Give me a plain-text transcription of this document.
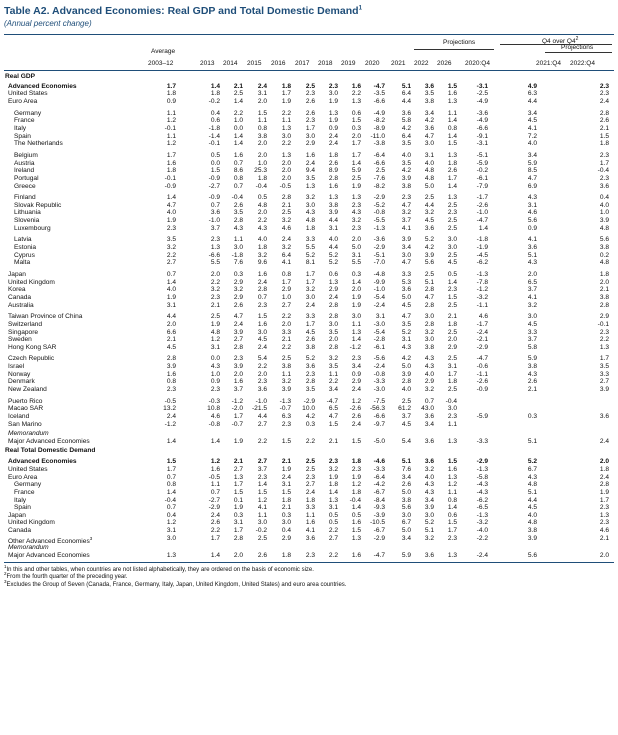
Table A2. Advanced Economies: Real GDP and Total Domestic Demand$^1$
(Annual percent change)
Average
Projections	Q4 over $Q4^2$
Projections
2003–12	2013 2014 2015 2016 2017 2018 2019 2020 2021 2022 2026 2020:Q4	2021:Q4 2022:Q4
Real GDP
Advanced Economies	1.7	1.4	2.1	2.4	1.8	2.5	2.3	1.6	-4.7	5.1	3.6	1.5	-3.1	4.9	2.3
United States	1.8	1.8	2.5	3.1	1.7	2.3	3.0	2.2	-3.5	6.4	3.5	1.6	-2.5	6.3	2.3
Euro Area	0.9	-0.2	1.4	2.0	1.9	2.6	1.9	1.3	-6.6	4.4	3.8	1.3	-4.9	4.4	2.4
Germany	1.1	0.4	2.2	1.5	2.2	2.6	1.3	0.6	-4.9	3.6	3.4	1.1	-3.6	3.4	2.8
France	1.2	0.6	1.0	1.1	1.1	2.3	1.9	1.5	-8.2	5.8	4.2	1.4	-4.9	4.5	2.6
Italy	-0.1	-1.8	0.0	0.8	1.3	1.7	0.9	0.3	-8.9	4.2	3.6	0.8	-6.6	4.1	2.1
Spain	1.1	-1.4	1.4	3.8	3.0	3.0	2.4	2.0	-11.0	6.4	4.7	1.4	-9.1	7.2	1.5
The Netherlands	1.2	-0.1	1.4	2.0	2.2	2.9	2.4	1.7	-3.8	3.5	3.0	1.5	-3.1	4.0	1.8
Belgium	1.7	0.5	1.6	2.0	1.3	1.6	1.8	1.7	-6.4	4.0	3.1	1.3	-5.1	3.4	2.3
Austria	1.6	0.0	0.7	1.0	2.0	2.4	2.6	1.4	-6.6	3.5	4.0	1.8	-5.9	5.9	1.7
Ireland	1.8	1.5	8.6	25.3	2.0	9.4	8.9	5.9	2.5	4.2	4.8	2.6	-0.2	8.5	-0.4
Portugal	-0.1	-0.9	0.8	1.8	2.0	3.5	2.8	2.5	-7.6	3.9	4.8	1.7	-6.1	4.7	2.3
Greece	-0.9	-2.7	0.7	-0.4	-0.5	1.3	1.6	1.9	-8.2	3.8	5.0	1.4	-7.9	6.9	3.6
Finland	1.4	-0.9	-0.4	0.5	2.8	3.2	1.3	1.3	-2.9	2.3	2.5	1.3	-1.7	4.3	0.4
Slovak Republic	4.7	0.7	2.6	4.8	2.1	3.0	3.8	2.3	-5.2	4.7	4.4	2.5	-2.6	3.1	4.0
Lithuania	4.0	3.6	3.5	2.0	2.5	4.3	3.9	4.3	-0.8	3.2	3.2	2.3	-1.0	4.6	1.0
Slovenia	1.9	-1.0	2.8	2.2	3.2	4.8	4.4	3.2	-5.5	3.7	4.5	2.5	-4.7	5.6	3.9
Luxembourg	2.3	3.7	4.3	4.3	4.6	1.8	3.1	2.3	-1.3	4.1	3.6	2.5	1.4	0.9	4.8
Latvia	3.5	2.3	1.1	4.0	2.4	3.3	4.0	2.0	-3.6	3.9	5.2	3.0	-1.8	4.1	5.6
Estonia	3.2	1.3	3.0	1.8	3.2	5.5	4.4	5.0	-2.9	3.4	4.2	3.0	-1.9	3.6	3.8
Cyprus	2.2	-6.6	-1.8	3.2	6.4	5.2	5.2	3.1	-5.1	3.0	3.9	2.5	-4.5	5.1	0.2
Malta	2.7	5.5	7.6	9.6	4.1	8.1	5.2	5.5	-7.0	4.7	5.6	4.5	-6.2	4.3	4.8
Japan	0.7	2.0	0.3	1.6	0.8	1.7	0.6	0.3	-4.8	3.3	2.5	0.5	-1.3	2.0	1.8
United Kingdom	1.4	2.2	2.9	2.4	1.7	1.7	1.3	1.4	-9.9	5.3	5.1	1.4	-7.8	6.5	2.0
Korea	4.0	3.2	3.2	2.8	2.9	3.2	2.9	2.0	-1.0	3.6	2.8	2.3	-1.2	3.7	2.1
Canada	1.9	2.3	2.9	0.7	1.0	3.0	2.4	1.9	-5.4	5.0	4.7	1.5	-3.2	4.1	3.8
Australia	3.1	2.1	2.6	2.3	2.7	2.4	2.8	1.9	-2.4	4.5	2.8	2.5	-1.1	3.2	2.8
Taiwan Province of China	4.4	2.5	4.7	1.5	2.2	3.3	2.8	3.0	3.1	4.7	3.0	2.1	4.6	3.0	2.9
Switzerland	2.0	1.9	2.4	1.6	2.0	1.7	3.0	1.1	-3.0	3.5	2.8	1.8	-1.7	4.5	-0.1
Singapore	6.6	4.8	3.9	3.0	3.3	4.5	3.5	1.3	-5.4	5.2	3.2	2.5	-2.4	3.3	2.3
Sweden	2.1	1.2	2.7	4.5	2.1	2.6	2.0	1.4	-2.8	3.1	3.0	2.0	-2.1	3.7	2.2
Hong Kong SAR	4.5	3.1	2.8	2.4	2.2	3.8	2.8	-1.2	-6.1	4.3	3.8	2.9	-2.9	5.8	1.3
Czech Republic	2.8	0.0	2.3	5.4	2.5	5.2	3.2	2.3	-5.6	4.2	4.3	2.5	-4.7	5.9	1.7
Israel	3.9	4.3	3.9	2.2	3.8	3.6	3.5	3.4	-2.4	5.0	4.3	3.1	-0.6	3.8	3.5
Norway	1.6	1.0	2.0	2.0	1.1	2.3	1.1	0.9	-0.8	3.9	4.0	1.7	-1.1	4.3	3.3
Denmark	0.8	0.9	1.6	2.3	3.2	2.8	2.2	2.9	-3.3	2.8	2.9	1.8	-2.6	2.6	2.7
New Zealand	2.3	2.3	3.7	3.6	3.9	3.5	3.4	2.4	-3.0	4.0	3.2	2.5	-0.9	2.1	3.9
Puerto Rico	-0.5	-0.3	-1.2	-1.0	-1.3	-2.9	-4.7	1.2	-7.5	2.5	0.7	-0.4
Macao SAR	13.2	10.8	-2.0	-21.5	-0.7	10.0	6.5	-2.6	-56.3	61.2	43.0	3.0
Iceland	2.4	4.6	1.7	4.4	6.3	4.2	4.7	2.6	-6.6	3.7	3.6	2.3	-5.9	0.3	3.6
San Marino	-1.2	-0.8	-0.7	2.7	2.3	0.3	1.5	2.4	-9.7	4.5	3.4	1.1
Memorandum
Major Advanced Economies	1.4	1.4	1.9	2.2	1.5	2.2	2.1	1.5	-5.0	5.4	3.6	1.3	-3.3	5.1	2.4
Real Total Domestic Demand
Advanced Economies	1.5	1.2	2.1	2.7	2.1	2.5	2.3	1.8	-4.6	5.1	3.6	1.5	-2.9	5.2	2.0
United States	1.7	1.6	2.7	3.7	1.9	2.5	3.2	2.3	-3.3	7.6	3.2	1.6	-1.3	6.7	1.8
Euro Area	0.7	-0.5	1.3	2.3	2.4	2.3	1.9	1.9	-6.4	3.4	4.0	1.3	-5.8	4.3	2.4
Germany	0.8	1.1	1.7	1.4	3.1	2.7	1.8	1.2	-4.2	2.6	4.3	1.2	-4.3	4.8	2.8
France	1.4	0.7	1.5	1.5	1.5	2.4	1.4	1.8	-6.7	5.0	4.3	1.1	-4.3	5.1	1.9
Italy	-0.4	-2.7	0.1	1.2	1.8	1.8	1.3	-0.4	-8.4	3.8	3.4	0.8	-6.2	4.4	1.7
Spain	0.7	-2.9	1.9	4.1	2.1	3.3	3.1	1.4	-9.3	5.6	3.9	1.4	-6.5	4.5	2.3
Japan	0.4	2.4	0.3	1.1	0.3	1.1	0.5	0.5	-3.9	3.0	3.0	0.6	-1.3	4.0	1.3
United Kingdom	1.2	2.6	3.1	3.0	3.0	1.6	0.5	1.6	-10.5	6.7	5.2	1.5	-3.2	4.8	2.3
Canada	3.1	2.2	1.7	-0.2	0.4	4.1	2.2	1.5	-6.7	5.0	5.1	1.7	-4.0	3.8	4.6
Other Advanced Economies$^3$	3.0	1.7	2.8	2.5	2.9	3.6	2.7	1.3	-2.9	3.4	3.2	2.3	-2.2	3.9	2.1
Memorandum
Major Advanced Economies	1.3	1.4	2.0	2.6	1.8	2.3	2.2	1.6	-4.7	5.9	3.6	1.3	-2.4	5.6	2.0
$^1$In this and other tables, when countries are not listed alphabetically, they are ordered on the basis of economic size.
$^2$From the fourth quarter of the preceding year.
$^3$Excludes the Group of Seven (Canada, France, Germany, Italy, Japan, United Kingdom, United States) and euro area countries.
